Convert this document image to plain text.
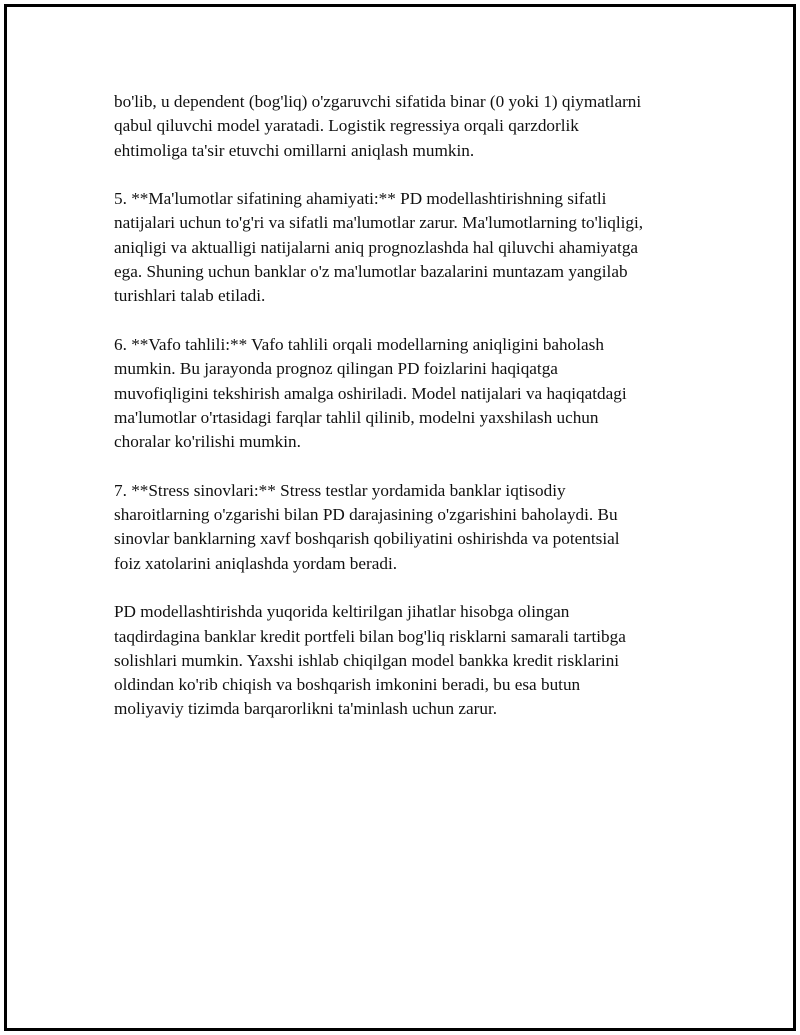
bo'lib, u dependent (bog'liq) o'zgaruvchi sifatida binar (0 yoki 1) qiymatlarni
qabul qiluvchi model yaratadi. Logistik regressiya orqali qarzdorlik
ehtimoliga ta'sir etuvchi omillarni aniqlash mumkin.

5. **Ma'lumotlar sifatining ahamiyati:** PD modellashtirishning sifatli
natijalari uchun to'g'ri va sifatli ma'lumotlar zarur. Ma'lumotlarning to'liqligi,
aniqligi va aktualligi natijalarni aniq prognozlashda hal qiluvchi ahamiyatga
ega. Shuning uchun banklar o'z ma'lumotlar bazalarini muntazam yangilab
turishlari talab etiladi.

6. **Vafo tahlili:** Vafo tahlili orqali modellarning aniqligini baholash
mumkin. Bu jarayonda prognoz qilingan PD foizlarini haqiqatga
muvofiqligini tekshirish amalga oshiriladi. Model natijalari va haqiqatdagi
ma'lumotlar o'rtasidagi farqlar tahlil qilinib, modelni yaxshilash uchun
choralar ko'rilishi mumkin.

7. **Stress sinovlari:** Stress testlar yordamida banklar iqtisodiy
sharoitlarning o'zgarishi bilan PD darajasining o'zgarishini baholaydi. Bu
sinovlar banklarning xavf boshqarish qobiliyatini oshirishda va potentsial
foiz xatolarini aniqlashda yordam beradi.

PD modellashtirishda yuqorida keltirilgan jihatlar hisobga olingan
taqdirdagina banklar kredit portfeli bilan bog'liq risklarni samarali tartibga
solishlari mumkin. Yaxshi ishlab chiqilgan model bankka kredit risklarini
oldindan ko'rib chiqish va boshqarish imkonini beradi, bu esa butun
moliyaviy tizimda barqarorlikni ta'minlash uchun zarur.
